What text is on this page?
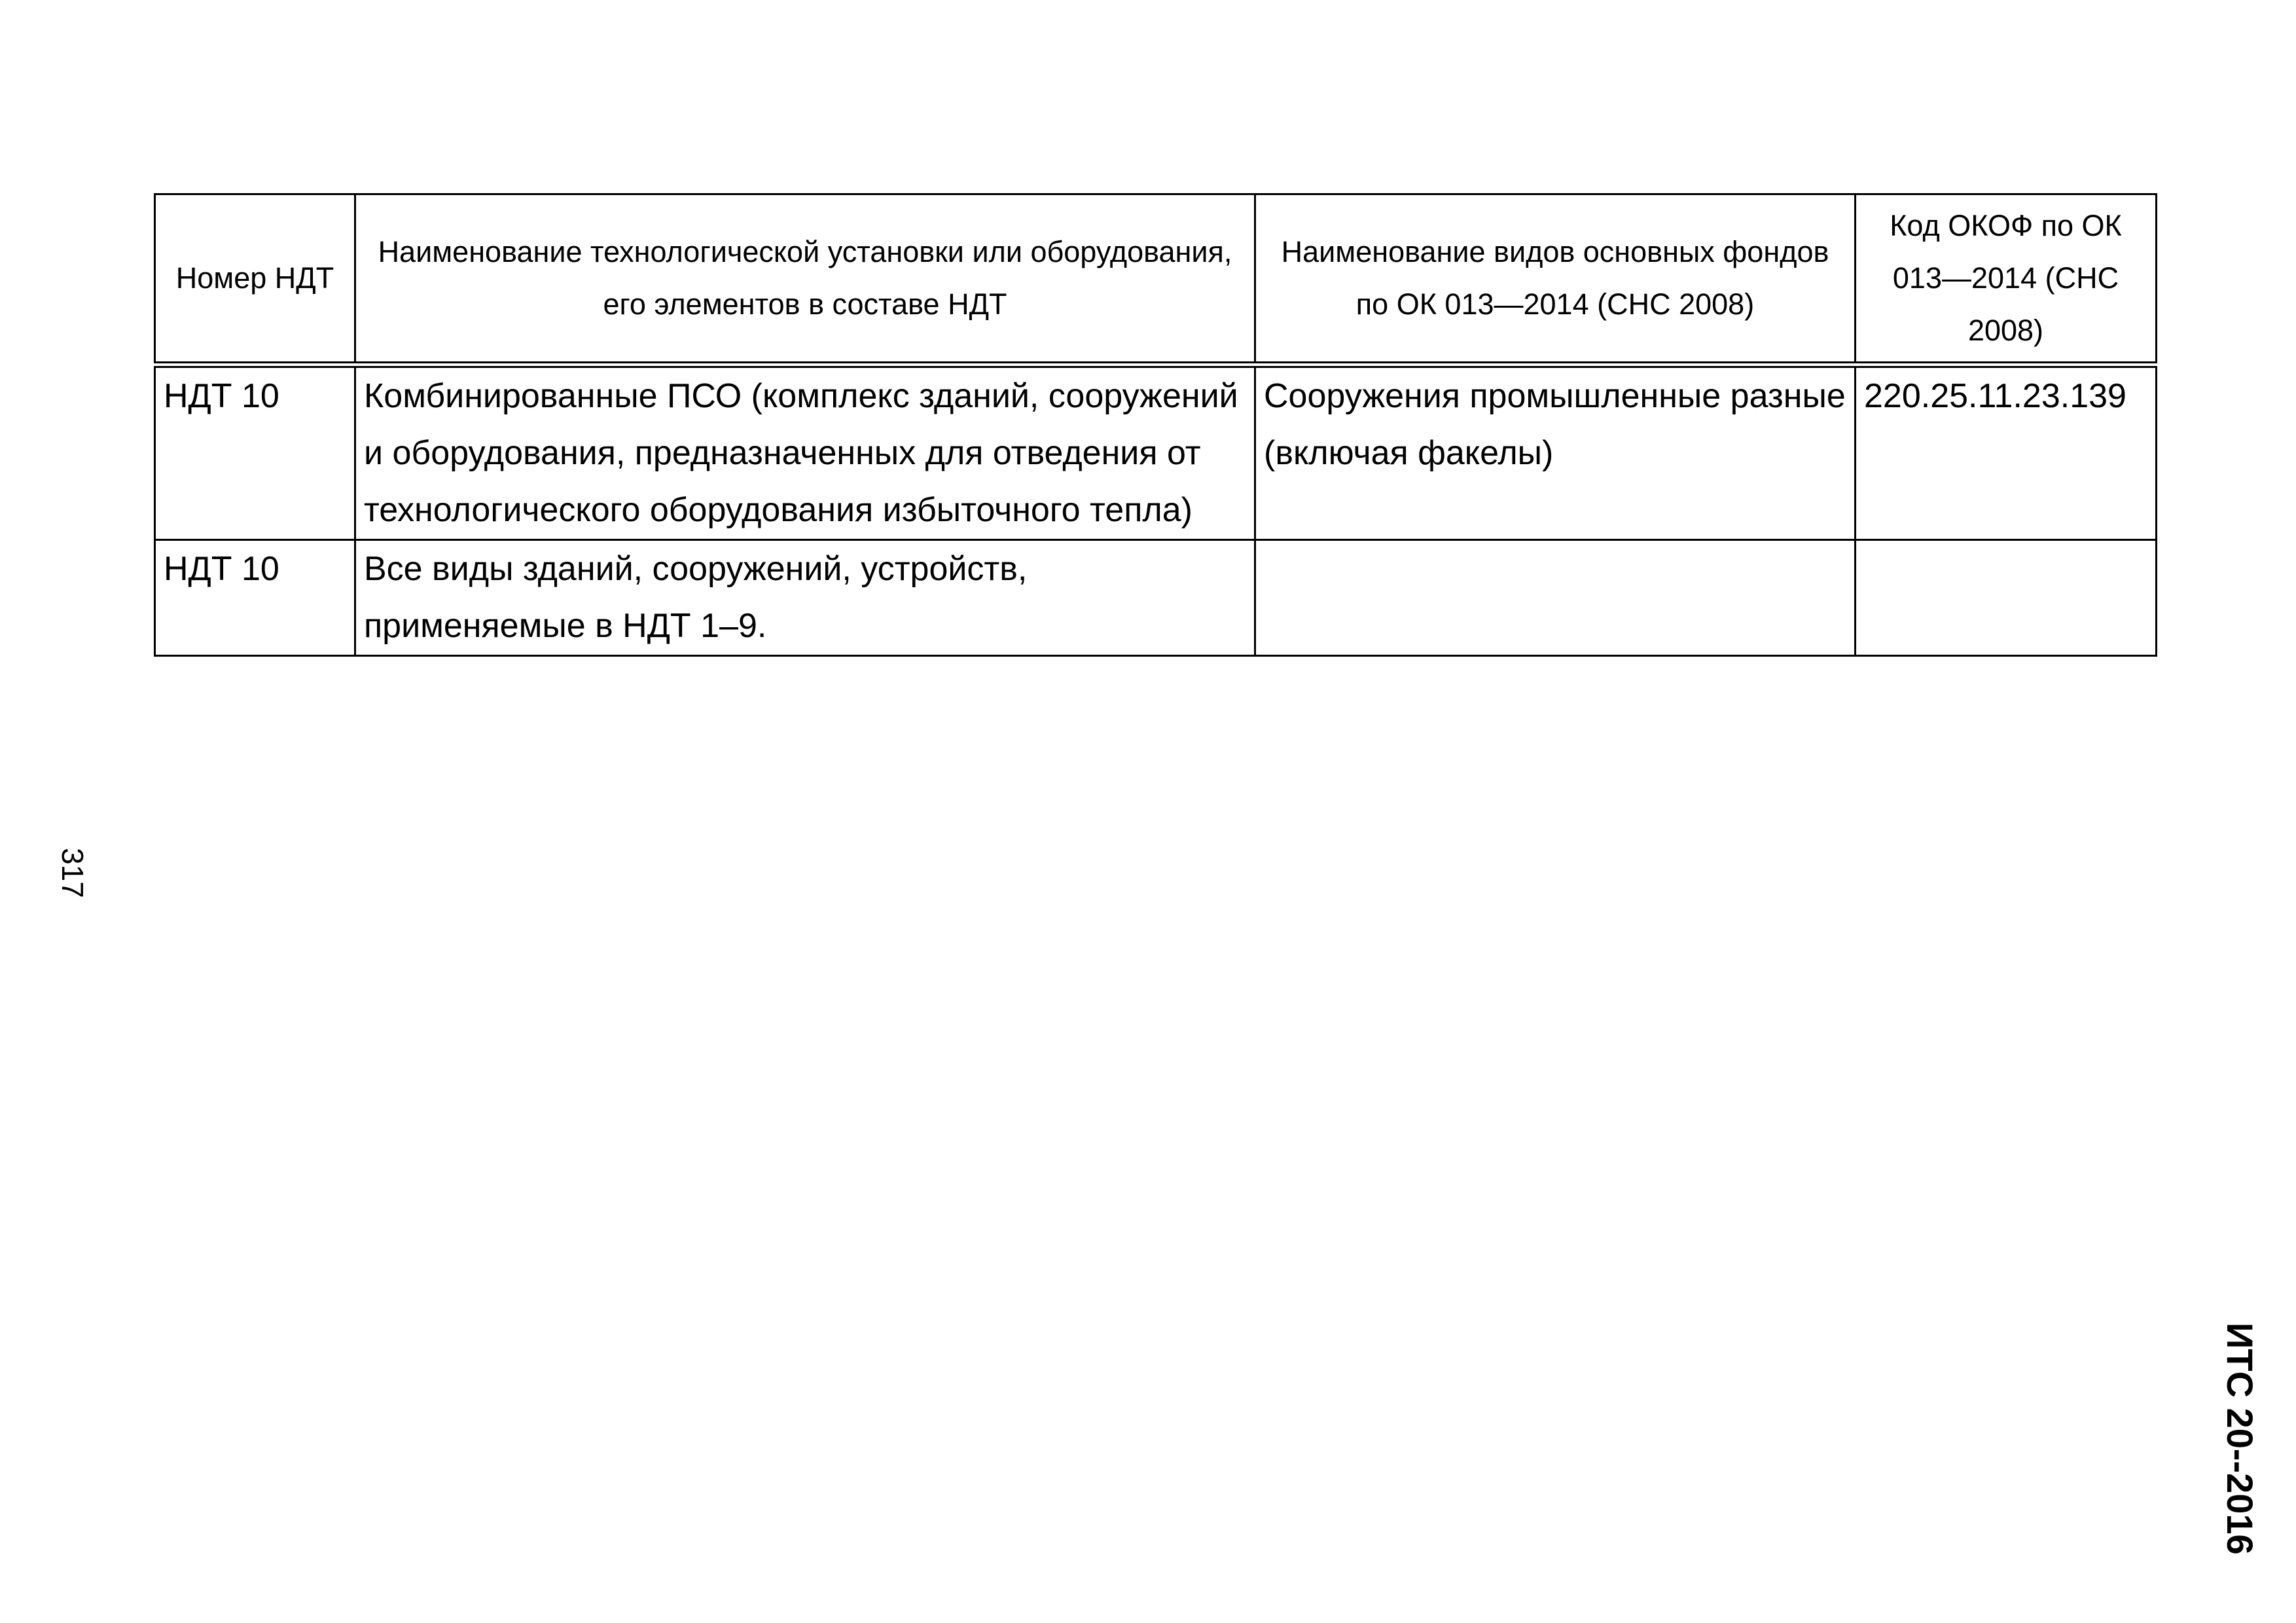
Номер НДТ	Наименование технологической установки или оборудования, его элементов в составе НДТ	Наименование видов основных фондов по ОК 013—2014 (СНС 2008)	Код ОКОФ по ОК 013—2014 (СНС 2008)
НДТ 10	Комбинированные ПСО (комплекс зданий, сооружений и оборудования, предназначенных для отведения от технологического оборудования избыточного тепла)	Сооружения промышленные разные (включая факелы)	220.25.11.23.139
НДТ 10	Все виды зданий, сооружений, устройств, применяемые в НДТ 1–9.		
317
ИТС 20--2016
